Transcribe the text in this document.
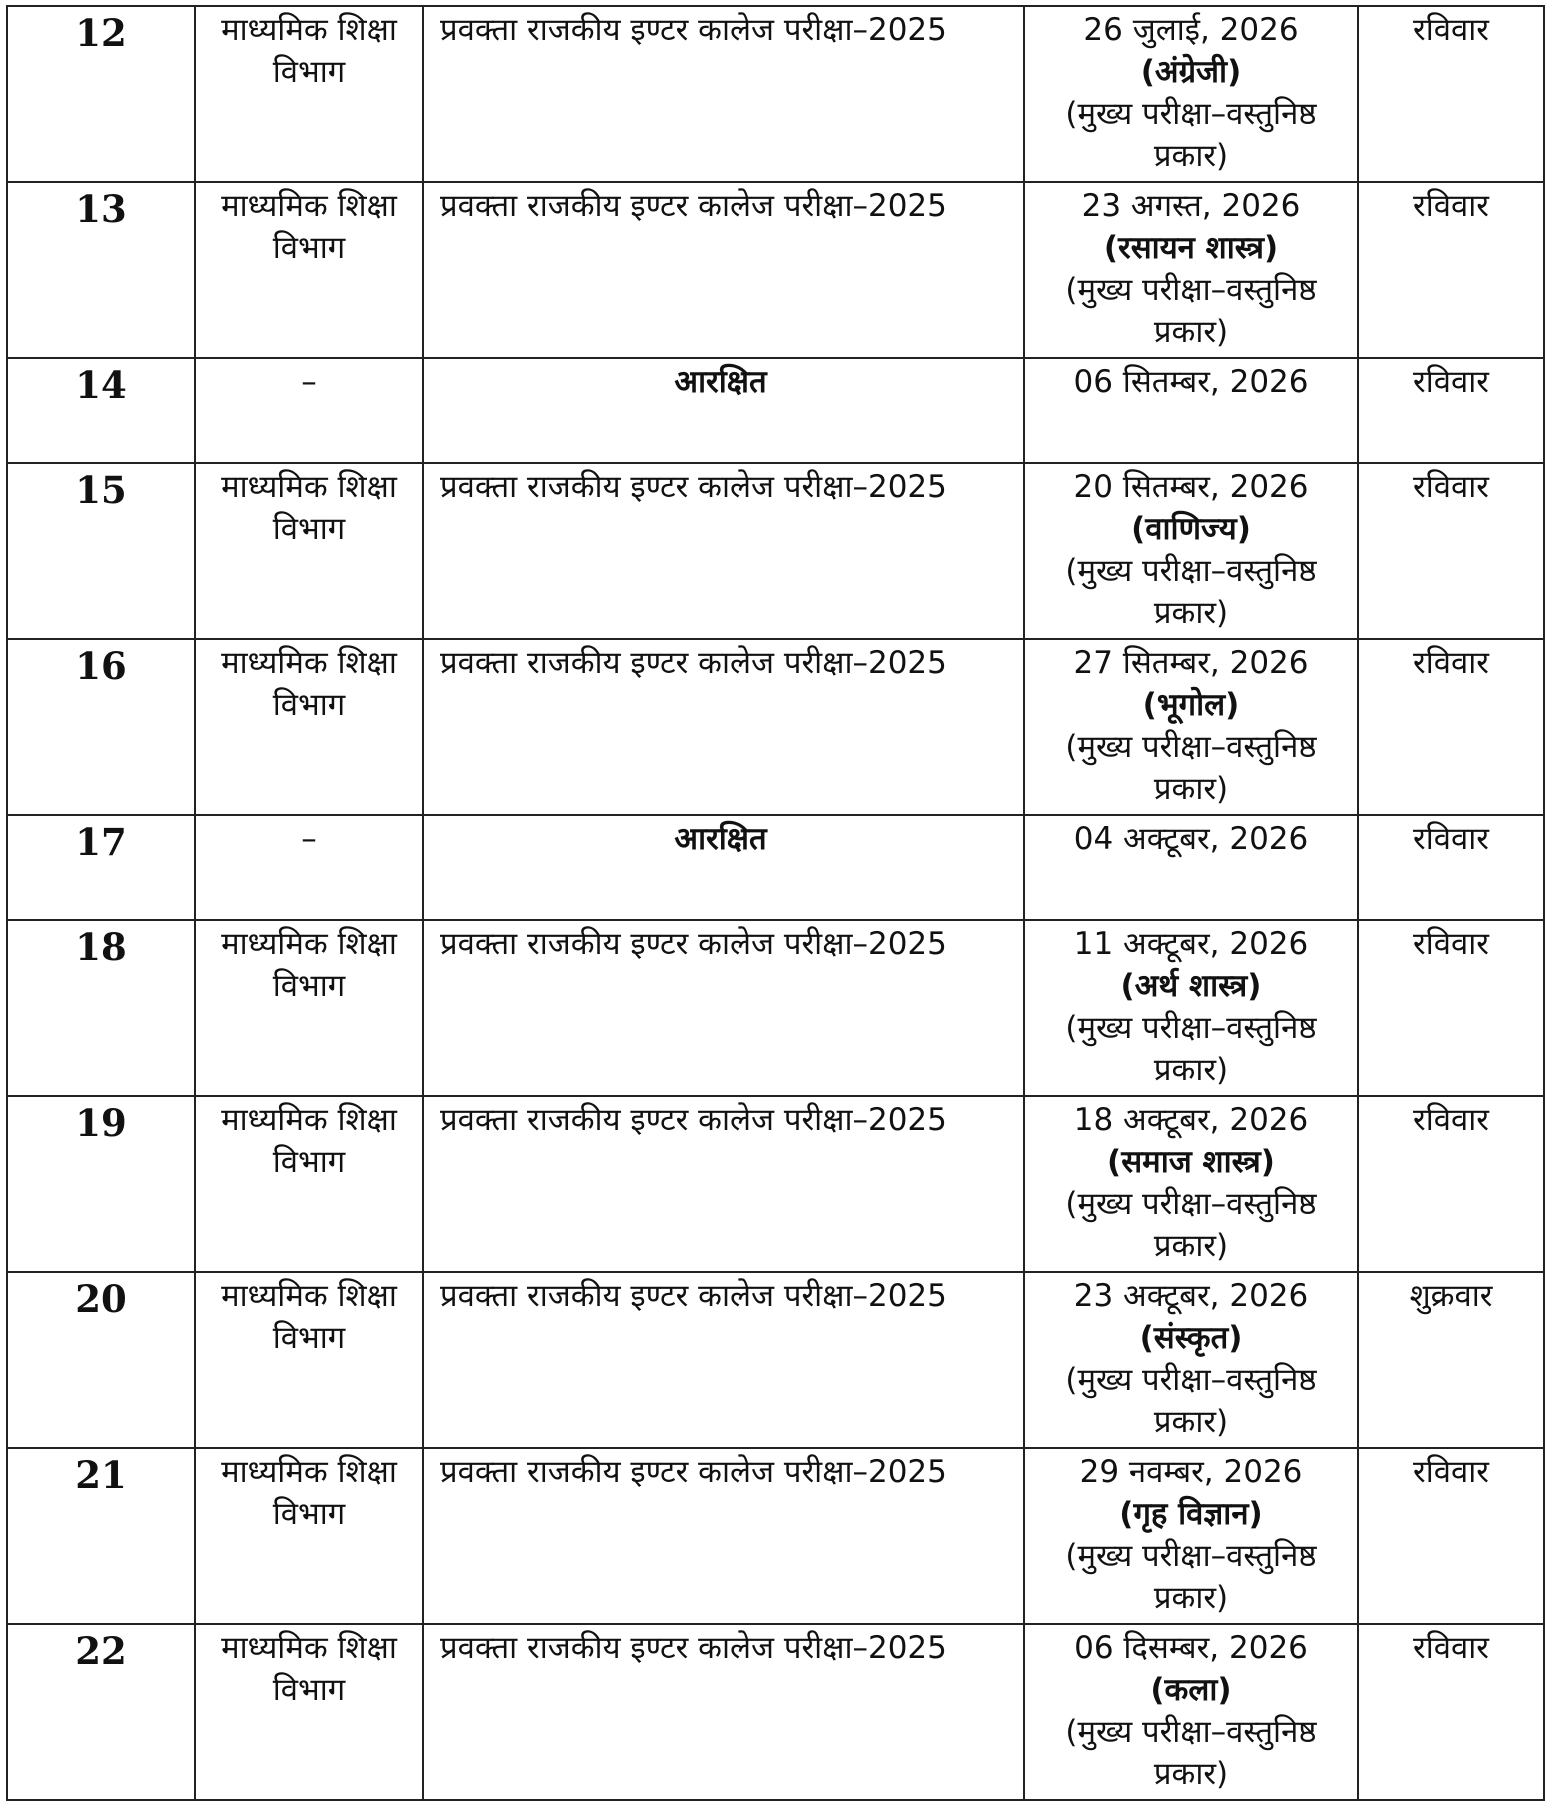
12	माध्यमिक शिक्षा
विभाग	प्रवक्ता राजकीय इण्टर कालेज परीक्षा–2025	26 जुलाई, 2026
(अंग्रेजी)
(मुख्य परीक्षा–वस्तुनिष्ठ
प्रकार)	रविवार
13	माध्यमिक शिक्षा
विभाग	प्रवक्ता राजकीय इण्टर कालेज परीक्षा–2025	23 अगस्त, 2026
(रसायन शास्त्र)
(मुख्य परीक्षा–वस्तुनिष्ठ
प्रकार)	रविवार
14	–	आरक्षित	06 सितम्बर, 2026	रविवार
15	माध्यमिक शिक्षा
विभाग	प्रवक्ता राजकीय इण्टर कालेज परीक्षा–2025	20 सितम्बर, 2026
(वाणिज्य)
(मुख्य परीक्षा–वस्तुनिष्ठ
प्रकार)	रविवार
16	माध्यमिक शिक्षा
विभाग	प्रवक्ता राजकीय इण्टर कालेज परीक्षा–2025	27 सितम्बर, 2026
(भूगोल)
(मुख्य परीक्षा–वस्तुनिष्ठ
प्रकार)	रविवार
17	–	आरक्षित	04 अक्टूबर, 2026	रविवार
18	माध्यमिक शिक्षा
विभाग	प्रवक्ता राजकीय इण्टर कालेज परीक्षा–2025	11 अक्टूबर, 2026
(अर्थ शास्त्र)
(मुख्य परीक्षा–वस्तुनिष्ठ
प्रकार)	रविवार
19	माध्यमिक शिक्षा
विभाग	प्रवक्ता राजकीय इण्टर कालेज परीक्षा–2025	18 अक्टूबर, 2026
(समाज शास्त्र)
(मुख्य परीक्षा–वस्तुनिष्ठ
प्रकार)	रविवार
20	माध्यमिक शिक्षा
विभाग	प्रवक्ता राजकीय इण्टर कालेज परीक्षा–2025	23 अक्टूबर, 2026
(संस्कृत)
(मुख्य परीक्षा–वस्तुनिष्ठ
प्रकार)	शुक्रवार
21	माध्यमिक शिक्षा
विभाग	प्रवक्ता राजकीय इण्टर कालेज परीक्षा–2025	29 नवम्बर, 2026
(गृह विज्ञान)
(मुख्य परीक्षा–वस्तुनिष्ठ
प्रकार)	रविवार
22	माध्यमिक शिक्षा
विभाग	प्रवक्ता राजकीय इण्टर कालेज परीक्षा–2025	06 दिसम्बर, 2026
(कला)
(मुख्य परीक्षा–वस्तुनिष्ठ
प्रकार)	रविवार
